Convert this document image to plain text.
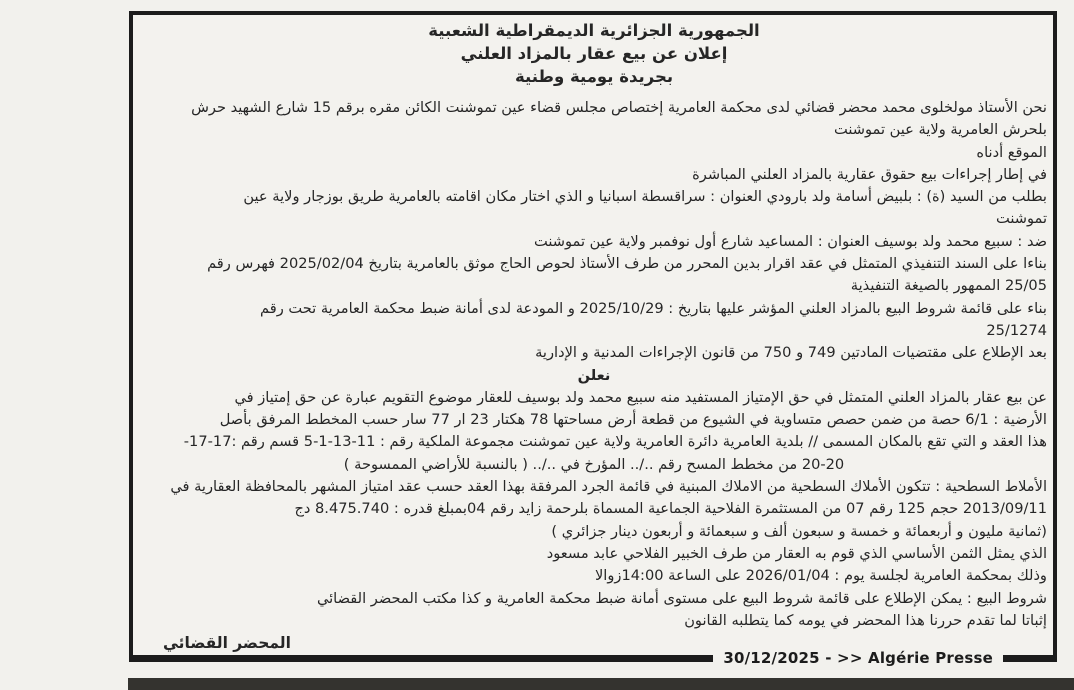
الجمهورية الجزائرية الديمقراطية الشعبية
إعلان عن بيع عقار بالمزاد العلني
بجريدة يومية وطنية
نحن الأستاذ مولخلوى محمد محضر قضائي لدى محكمة العامرية إختصاص مجلس قضاء عين تموشنت الكائن مقره برقم 15 شارع الشهيد حرش
بلحرش العامرية ولاية عين تموشنت
الموقع أدناه
في إطار إجراءات بيع حقوق عقارية بالمزاد العلني المباشرة
بطلب من السيد (ة) : بلبيض أسامة ولد بارودي العنوان : سراقسطة اسبانيا و الذي اختار مكان اقامته بالعامرية طريق بوزجار ولاية عين
تموشنت
ضد : سبيع محمد ولد بوسيف العنوان : المساعيد شارع أول نوفمبر ولاية عين تموشنت
بناءا على السند التنفيذي المتمثل في عقد اقرار بدين المحرر من طرف الأستاذ لحوص الحاج موثق بالعامرية بتاريخ 2025/02/04 فهرس رقم
25/05 الممهور بالصيغة التنفيذية
بناء على قائمة شروط البيع بالمزاد العلني المؤشر عليها بتاريخ : 2025/10/29 و المودعة لدى أمانة ضبط محكمة العامرية تحت رقم
25/1274
بعد الإطلاع على مقتضيات المادتين 749 و 750 من قانون الإجراءات المدنية و الإدارية
نعلن
عن بيع عقار بالمزاد العلني المتمثل في حق الإمتياز المستفيد منه سبيع محمد ولد بوسيف للعقار موضوع التقويم عبارة عن حق إمتياز في
الأرضية : 6/1 حصة من ضمن حصص متساوية في الشيوع من قطعة أرض مساحتها 78 هكتار 23 ار 77 سار حسب المخطط المرفق بأصل
هذا العقد و التي تقع بالمكان المسمى // بلدية العامرية دائرة العامرية ولاية عين تموشنت مجموعة الملكية رقم : 11-13-1-5 قسم رقم :17-17-
20-20 من مخطط المسح رقم ../.. المؤرخ في ../.. ( بالنسبة للأراضي الممسوحة )
الأملاط السطحية : تتكون الأملاك السطحية من الاملاك المبنية في قائمة الجرد المرفقة بهذا العقد حسب عقد امتياز المشهر بالمحافظة العقارية في
2013/09/11 حجم 125 رقم 07 من المستثمرة الفلاحية الجماعية المسماة بلرحمة زايد رقم 04بمبلغ قدره : 8.475.740 دج
(ثمانية مليون و أربعمائة و خمسة و سبعون ألف و سبعمائة و أربعون دينار جزائري )
الذي يمثل الثمن الأساسي الذي قوم به العقار من طرف الخبير الفلاحي عابد مسعود
وذلك بمحكمة العامرية لجلسة يوم : 2026/01/04 على الساعة 14:00زوالا
شروط البيع : يمكن الإطلاع على قائمة شروط البيع على مستوى أمانة ضبط محكمة العامرية و كذا مكتب المحضر القضائي
إثباتا لما تقدم حررنا هذا المحضر في يومه كما يتطلبه القانون
المحضر القضائي
30/12/2025 - >> Algérie Presse
